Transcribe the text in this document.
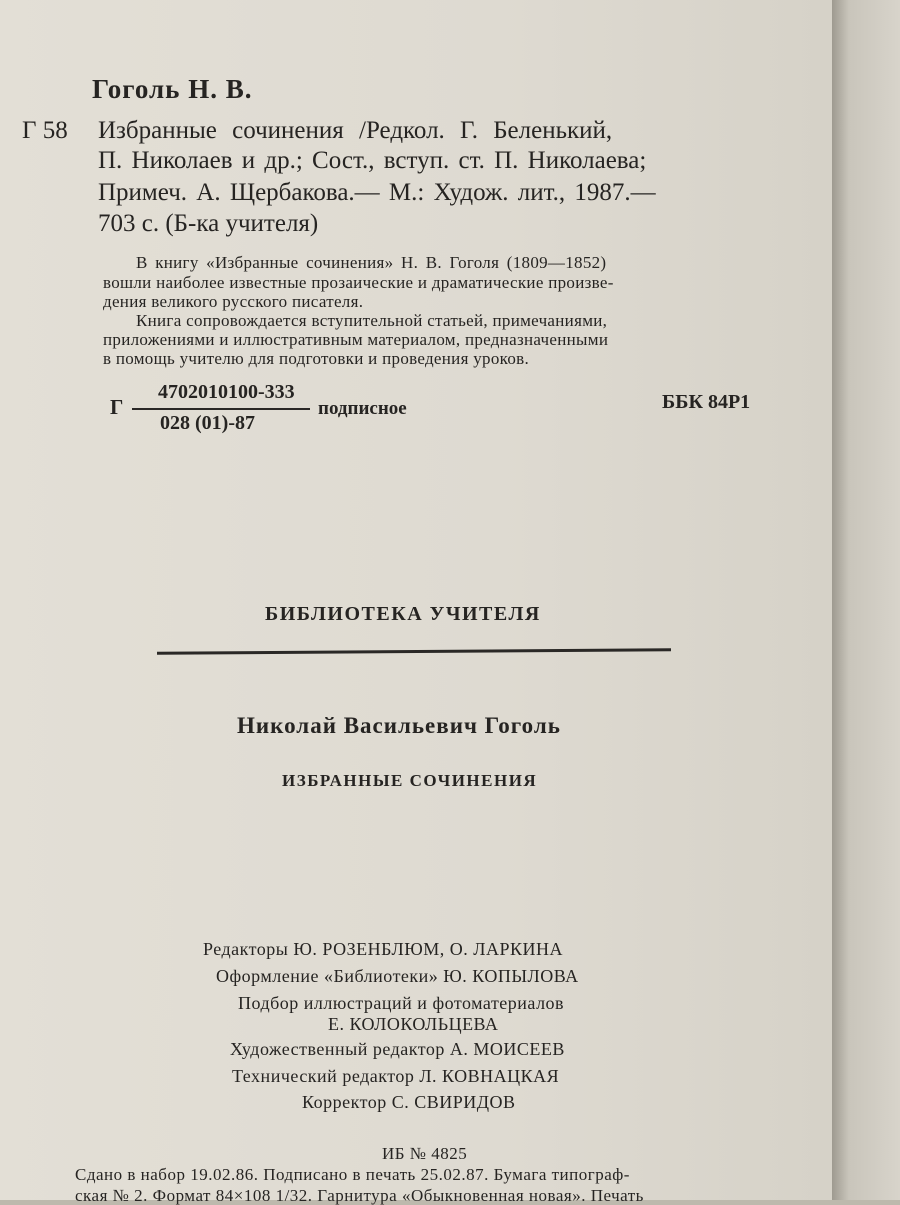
Гоголь Н. В.
Г 58 Избранные сочинения /Редкол. Г. Беленький,
П. Николаев и др.; Сост., вступ. ст. П. Николаева;
Примеч. А. Щербакова.— М.: Худож. лит., 1987.—
703 с. (Б-ка учителя)
В книгу «Избранные сочинения» Н. В. Гоголя (1809—1852)
вошли наиболее известные прозаические и драматические произве-
дения великого русского писателя.
Книга сопровождается вступительной статьей, примечаниями,
приложениями и иллюстративным материалом, предназначенными
в помощь учителю для подготовки и проведения уроков.
Г
4702010100-333
028 (01)-87
подписное	ББК 84Р1
БИБЛИОТЕКА УЧИТЕЛЯ
Николай Васильевич Гоголь
ИЗБРАННЫЕ СОЧИНЕНИЯ
Редакторы Ю. РОЗЕНБЛЮМ, О. ЛАРКИНА
Оформление «Библиотеки» Ю. КОПЫЛОВА
Подбор иллюстраций и фотоматериалов
Е. КОЛОКОЛЬЦЕВА
Художественный редактор А. МОИСЕЕВ
Технический редактор Л. КОВНАЦКАЯ
Корректор С. СВИРИДОВ
ИБ № 4825
Сдано в набор 19.02.86. Подписано в печать 25.02.87. Бумага типограф-
ская № 2. Формат 84×108 1/32. Гарнитура «Обыкновенная новая». Печать
